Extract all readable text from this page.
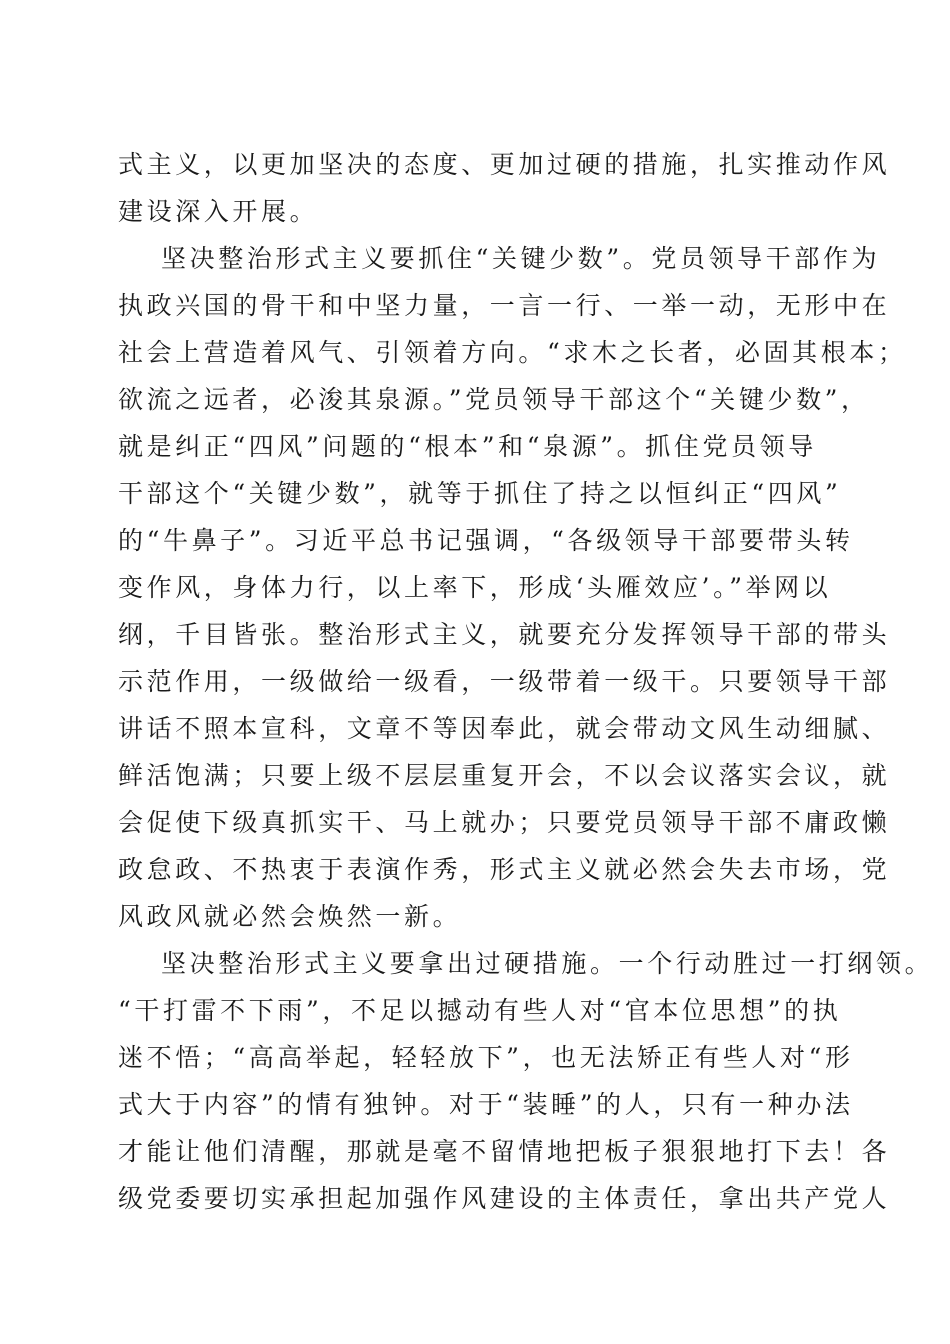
式主义，以更加坚决的态度、更加过硬的措施，扎实推动作风
建设深入开展。
坚决整治形式主义要抓住“关键少数”。党员领导干部作为
执政兴国的骨干和中坚力量，一言一行、一举一动，无形中在
社会上营造着风气、引领着方向。“求木之长者，必固其根本；
欲流之远者，必浚其泉源。”党员领导干部这个“关键少数”，
就是纠正“四风”问题的“根本”和“泉源”。抓住党员领导
干部这个“关键少数”，就等于抓住了持之以恒纠正“四风”
的“牛鼻子”。习近平总书记强调，“各级领导干部要带头转
变作风，身体力行，以上率下，形成‘头雁效应’。”举网以
纲，千目皆张。整治形式主义，就要充分发挥领导干部的带头
示范作用，一级做给一级看，一级带着一级干。只要领导干部
讲话不照本宣科，文章不等因奉此，就会带动文风生动细腻、
鲜活饱满；只要上级不层层重复开会，不以会议落实会议，就
会促使下级真抓实干、马上就办；只要党员领导干部不庸政懒
政怠政、不热衷于表演作秀，形式主义就必然会失去市场，党
风政风就必然会焕然一新。
坚决整治形式主义要拿出过硬措施。一个行动胜过一打纲领。
“干打雷不下雨”，不足以撼动有些人对“官本位思想”的执
迷不悟；“高高举起，轻轻放下”，也无法矫正有些人对“形
式大于内容”的情有独钟。对于“装睡”的人，只有一种办法
才能让他们清醒，那就是毫不留情地把板子狠狠地打下去！各
级党委要切实承担起加强作风建设的主体责任，拿出共产党人
